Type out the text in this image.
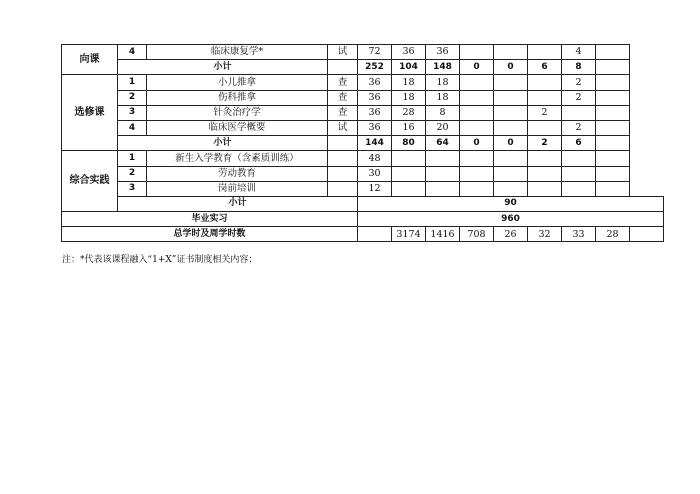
向课	4	临床康复学*	试	72	36	36				4		
	小计			252	104	148	0	0	6	8		
选修课	1	小儿推拿	查	36	18	18				2		
	2	伤科推拿	查	36	18	18				2		
	3	针灸治疗学	查	36	28	8			2			
	4	临床医学概要	试	36	16	20				2		
	小计			144	80	64	0	0	2	6		
综合实践	1	新生入学教育（含素质训练）		48								
	2	劳动教育		30								
	3	岗前培训		12								
	小计			90								
毕业实习				960								
总学时及周学时数					3174	1416	708	26	32	33	28	
注：*代表该课程融入“1+X”证书制度相关内容；
